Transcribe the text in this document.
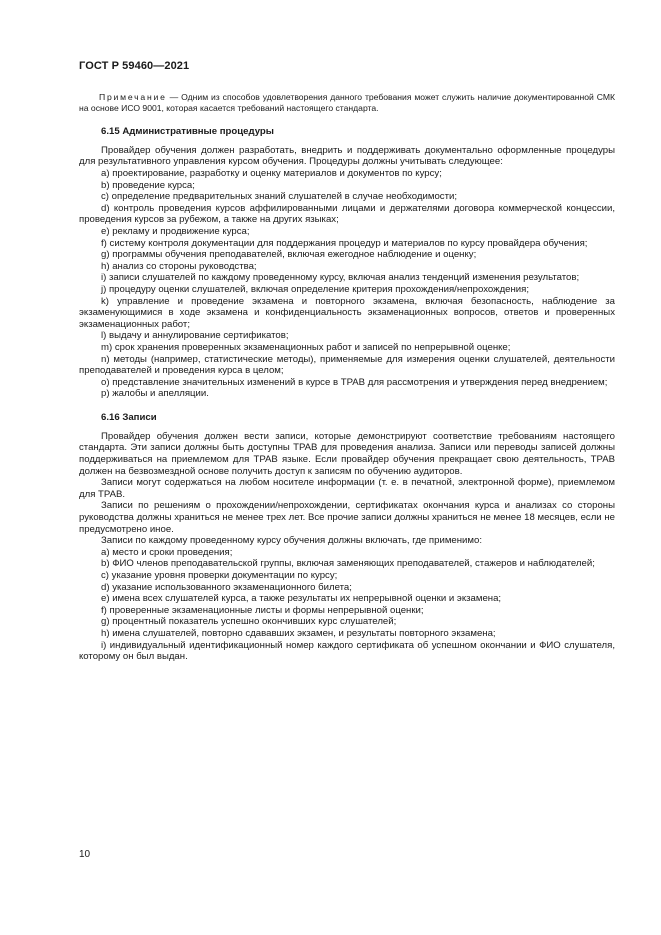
ГОСТ Р 59460—2021
Примечание — Одним из способов удовлетворения данного требования может служить наличие документированной СМК на основе ИСО 9001, которая касается требований настоящего стандарта.
6.15 Административные процедуры

Провайдер обучения должен разработать, внедрить и поддерживать документально оформленные процедуры для результативного управления курсом обучения. Процедуры должны учитывать следующее:

a) проектирование, разработку и оценку материалов и документов по курсу;

b) проведение курса;

c) определение предварительных знаний слушателей в случае необходимости;

d) контроль проведения курсов аффилированными лицами и держателями договора коммерческой концессии, проведения курсов за рубежом, а также на других языках;

e) рекламу и продвижение курса;

f) систему контроля документации для поддержания процедур и материалов по курсу провайдера обучения;

g) программы обучения преподавателей, включая ежегодное наблюдение и оценку;

h) анализ со стороны руководства;

i) записи слушателей по каждому проведенному курсу, включая анализ тенденций изменения результатов;

j) процедуру оценки слушателей, включая определение критерия прохождения/непрохождения;

k) управление и проведение экзамена и повторного экзамена, включая безопасность, наблюдение за экзаменующимися в ходе экзамена и конфиденциальность экзаменационных вопросов, ответов и проверенных экзаменационных работ;

l) выдачу и аннулирование сертификатов;

m) срок хранения проверенных экзаменационных работ и записей по непрерывной оценке;

n) методы (например, статистические методы), применяемые для измерения оценки слушателей, деятельности преподавателей и проведения курса в целом;

o) представление значительных изменений в курсе в TPAB для рассмотрения и утверждения перед внедрением;

p) жалобы и апелляции.

6.16 Записи

Провайдер обучения должен вести записи, которые демонстрируют соответствие требованиям настоящего стандарта. Эти записи должны быть доступны TPAB для проведения анализа. Записи или переводы записей должны поддерживаться на приемлемом для TPAB языке. Если провайдер обучения прекращает свою деятельность, TPAB должен на безвозмездной основе получить доступ к записям по обучению аудиторов.

Записи могут содержаться на любом носителе информации (т. е. в печатной, электронной форме), приемлемом для TPAB.

Записи по решениям о прохождении/непрохождении, сертификатах окончания курса и анализах со стороны руководства должны храниться не менее трех лет. Все прочие записи должны храниться не менее 18 месяцев, если не предусмотрено иное.

Записи по каждому проведенному курсу обучения должны включать, где применимо:

a) место и сроки проведения;

b) ФИО членов преподавательской группы, включая заменяющих преподавателей, стажеров и наблюдателей;

c) указание уровня проверки документации по курсу;

d) указание использованного экзаменационного билета;

e) имена всех слушателей курса, а также результаты их непрерывной оценки и экзамена;

f) проверенные экзаменационные листы и формы непрерывной оценки;

g) процентный показатель успешно окончивших курс слушателей;

h) имена слушателей, повторно сдававших экзамен, и результаты повторного экзамена;

i) индивидуальный идентификационный номер каждого сертификата об успешном окончании и ФИО слушателя, которому он был выдан.

10
